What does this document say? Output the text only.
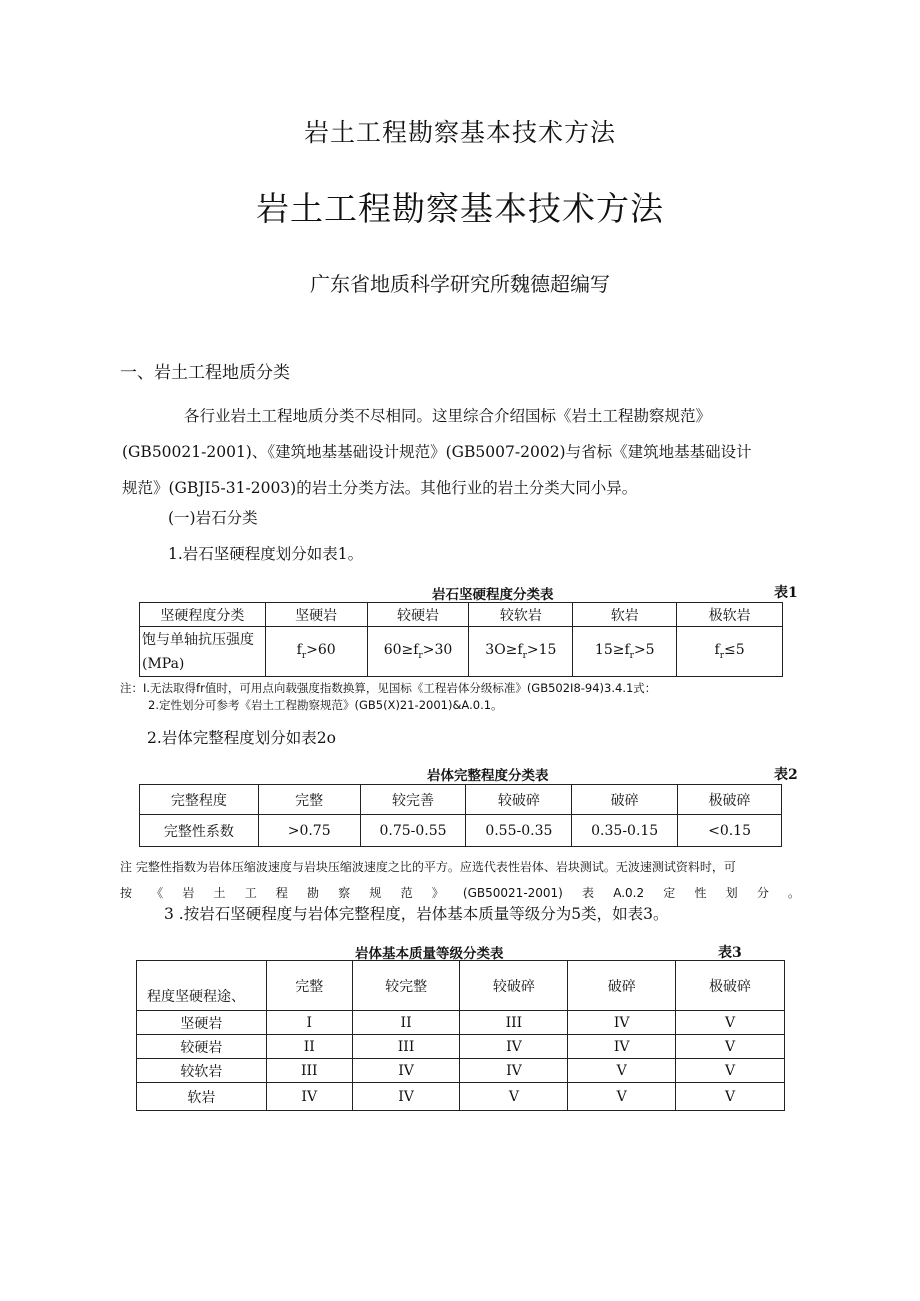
岩土工程勘察基本技术方法
岩土工程勘察基本技术方法
广东省地质科学研究所魏德超编写
一、岩土工程地质分类
各行业岩土工程地质分类不尽相同。这里综合介绍国标《岩土工程勘察规范》
(GB50021-2001)、《建筑地基基础设计规范》(GB5007-2002)与省标《建筑地基基础设计
规范》(GBJI5-31-2003)的岩土分类方法。其他行业的岩土分类大同小异。
(一)岩石分类
1.岩石坚硬程度划分如表1。
岩石坚硬程度分类表	表1
坚硬程度分类	坚硬岩	较硬岩	较软岩	软岩	极软岩
饱与单轴抗压强度(MPa)	$f_r>60$	$60\ge f_r>30$	$3O\ge f_r>15$	$15\ge f_r>5$	$f_r\le 5$
注：I.无法取得fr值时，可用点向载强度指数换算，见国标《工程岩体分级标准》(GB502I8-94)3.4.1式：
2.定性划分可参考《岩土工程勘察规范》(GB5(X)21-2001)&A.0.1。
2.岩体完整程度划分如表2o
岩体完整程度分类表	表2
完整程度	完整	较完善	较破碎	破碎	极破碎
完整性系数	>0.75	0.75-0.55	0.55-0.35	0.35-0.15	<0.15
注 完整性指数为岩体压缩波速度与岩块压缩波速度之比的平方。应选代表性岩体、岩块测试。无波速测试资料时，可
按《岩土工程勘察规范》(GB50021-2001)表A.0.2定性划分。
3 .按岩石坚硬程度与岩体完整程度，岩体基本质量等级分为5类，如表3。
岩体基本质量等级分类表	表3
程度坚硬程途、	完整	较完整	较破碎	破碎	极破碎
坚硬岩	I	II	III	IV	V
较硬岩	II	III	IV	IV	V
较软岩	III	IV	IV	V	V
软岩	IV	IV	V	V	V
